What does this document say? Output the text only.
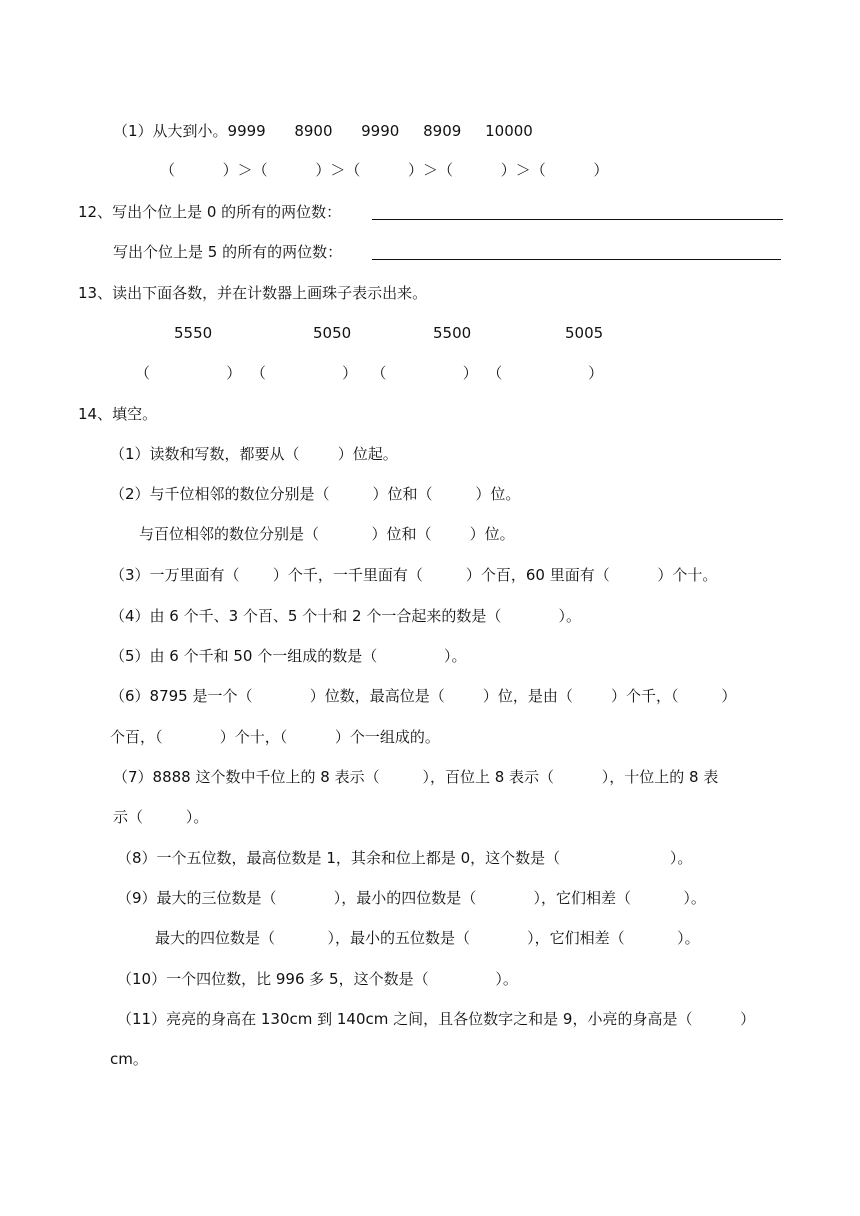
（1）从大到小。9999      8900      9990     8909     10000
（          ）＞（          ）＞（          ）＞（          ）＞（          ）
12、写出个位上是 0 的所有的两位数：
写出个位上是 5 的所有的两位数：
13、读出下面各数，并在计数器上画珠子表示出来。
5550	5050	5500	5005
（                ）  （                ）   （                ）  （                  ）
14、填空。
（1）读数和写数，都要从（        ）位起。
（2）与千位相邻的数位分别是（         ）位和（         ）位。
与百位相邻的数位分别是（           ）位和（        ）位。
（3）一万里面有（       ）个千，一千里面有（         ）个百，60 里面有（          ）个十。
（4）由 6 个千、3 个百、5 个十和 2 个一合起来的数是（            ）。
（5）由 6 个千和 50 个一组成的数是（              ）。
（6）8795 是一个（            ）位数，最高位是（        ）位，是由（        ）个千，（         ）
个百，（            ）个十，（          ）个一组成的。
（7）8888 这个数中千位上的 8 表示（         ），百位上 8 表示（          ），十位上的 8 表
示（         ）。
（8）一个五位数，最高位数是 1，其余和位上都是 0，这个数是（                       ）。
（9）最大的三位数是（            ），最小的四位数是（            ），它们相差（           ）。
最大的四位数是（           ），最小的五位数是（            ），它们相差（           ）。
（10）一个四位数，比 996 多 5，这个数是（              ）。
（11）亮亮的身高在 130cm 到 140cm 之间，且各位数字之和是 9，小亮的身高是（          ）
cm。
